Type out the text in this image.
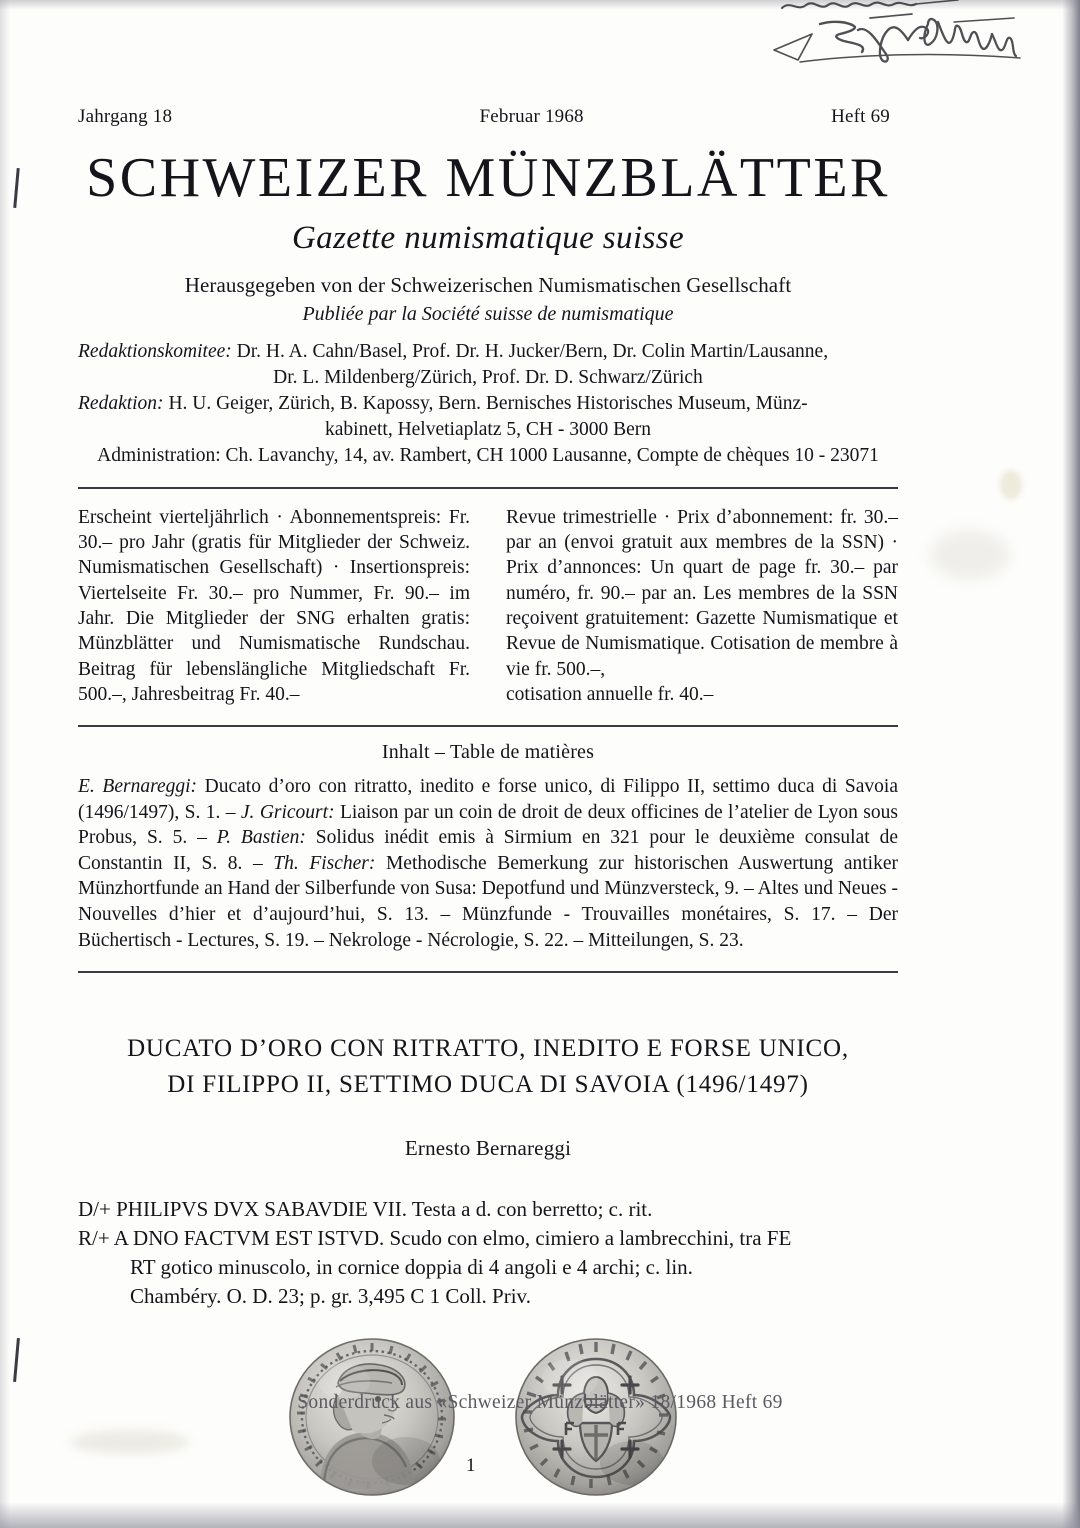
Jahrgang 18	Februar 1968	Heft 69
SCHWEIZER MÜNZBLÄTTER
Gazette numismatique suisse
Herausgegeben von der Schweizerischen Numismatischen Gesellschaft
Publiée par la Société suisse de numismatique
Redaktionskomitee: Dr. H. A. Cahn/Basel, Prof. Dr. H. Jucker/Bern, Dr. Colin Martin/Lausanne,
Dr. L. Mildenberg/Zürich, Prof. Dr. D. Schwarz/Zürich
Redaktion: H. U. Geiger, Zürich, B. Kapossy, Bern. Bernisches Historisches Museum, Münz-
kabinett, Helvetiaplatz 5, CH - 3000 Bern
Administration: Ch. Lavanchy, 14, av. Rambert, CH 1000 Lausanne, Compte de chèques 10 - 23071
Erscheint vierteljährlich · Abonnementspreis: Fr. 30.– pro Jahr (gratis für Mitglieder der Schweiz. Numismatischen Gesellschaft) · Insertionspreis: Viertelseite Fr. 30.– pro Nummer, Fr. 90.– im Jahr. Die Mitglieder der SNG erhalten gratis: Münzblätter und Numismatische Rundschau. Beitrag für lebenslängliche Mitgliedschaft Fr. 500.–, Jahresbeitrag Fr. 40.–
Revue trimestrielle · Prix d’abonnement: fr. 30.– par an (envoi gratuit aux membres de la SSN) · Prix d’annonces: Un quart de page fr. 30.– par numéro, fr. 90.– par an. Les membres de la SSN reçoivent gratuitement: Gazette Numismatique et Revue de Numismatique. Cotisation de membre à vie fr. 500.–,
cotisation annuelle fr. 40.–
Inhalt – Table de matières
E. Bernareggi: Ducato d’oro con ritratto, inedito e forse unico, di Filippo II, settimo duca di Savoia (1496/1497), S. 1. – J. Gricourt: Liaison par un coin de droit de deux officines de l’atelier de Lyon sous Probus, S. 5. – P. Bastien: Solidus inédit emis à Sirmium en 321 pour le deuxième consulat de Constantin II, S. 8. – Th. Fischer: Methodische Bemerkung zur historischen Auswertung antiker Münzhortfunde an Hand der Silberfunde von Susa: Depotfund und Münzversteck, 9. – Altes und Neues - Nouvelles d’hier et d’aujourd’hui, S. 13. – Münzfunde - Trouvailles monétaires, S. 17. – Der Büchertisch - Lectures, S. 19. – Nekrologe - Nécrologie, S. 22. – Mitteilungen, S. 23.
DUCATO D’ORO CON RITRATTO, INEDITO E FORSE UNICO,
DI FILIPPO II, SETTIMO DUCA DI SAVOIA (1496/1497)
Ernesto Bernareggi
D/+ PHILIPVS DVX SABAVDIE VII. Testa a d. con berretto; c. rit.
R/+ A DNO FACTVM EST ISTVD. Scudo con elmo, cimiero a lambrecchini, tra FE
RT gotico minuscolo, in cornice doppia di 4 angoli e 4 archi; c. lin.
Chambéry. O. D. 23; p. gr. 3,495 C 1 Coll. Priv.
1
Sonderdruck aus «Schweizer Münzblätter» 18/1968 Heft 69
